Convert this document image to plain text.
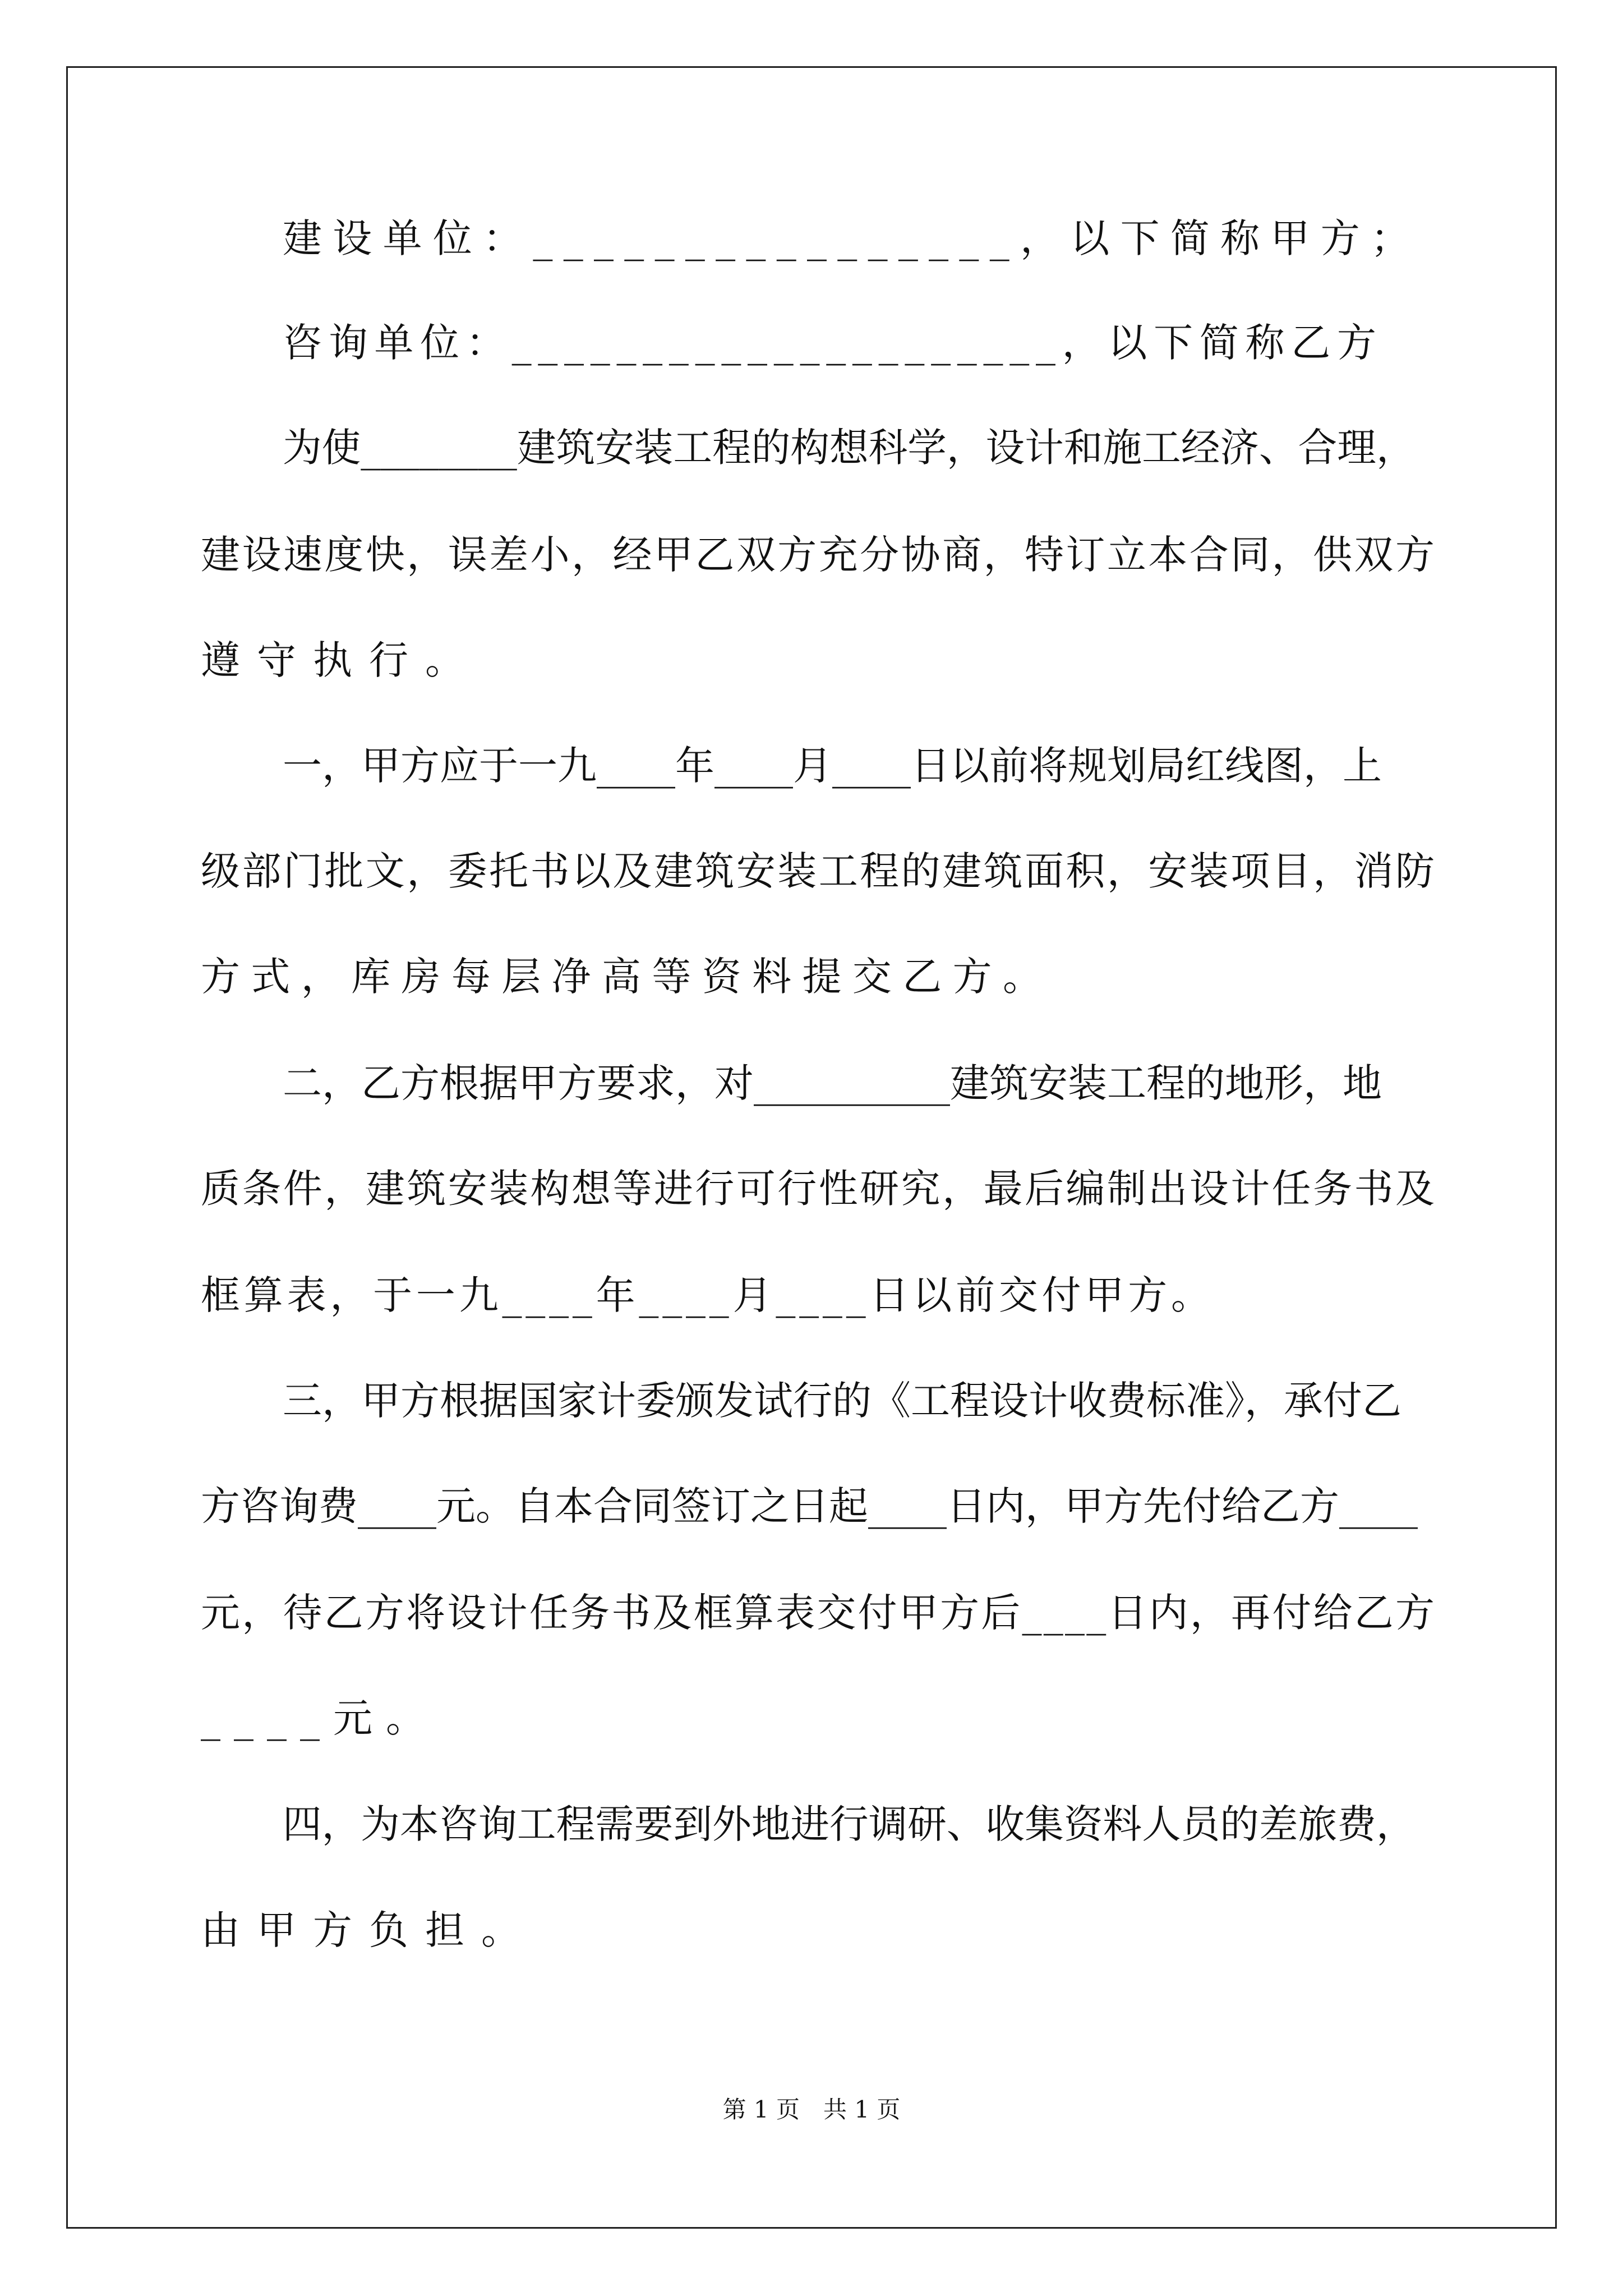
建设单位：________________，以下简称甲方；
咨询单位：_____________________，以下简称乙方
为使________建筑安装工程的构想科学，设计和施工经济、合理，
建设速度快，误差小，经甲乙双方充分协商，特订立本合同，供双方
遵守执行。
一，甲方应于一九____年____月____日以前将规划局红线图，上
级部门批文，委托书以及建筑安装工程的建筑面积，安装项目，消防
方式，库房每层净高等资料提交乙方。
二，乙方根据甲方要求，对__________建筑安装工程的地形，地
质条件，建筑安装构想等进行可行性研究，最后编制出设计任务书及
框算表，于一九____年____月____日以前交付甲方。
三，甲方根据国家计委颁发试行的《工程设计收费标准》，承付乙
方咨询费____元。自本合同签订之日起____日内，甲方先付给乙方____
元，待乙方将设计任务书及框算表交付甲方后____日内，再付给乙方
____元。
四，为本咨询工程需要到外地进行调研、收集资料人员的差旅费，
由甲方负担。
第 1 页　共 1 页
